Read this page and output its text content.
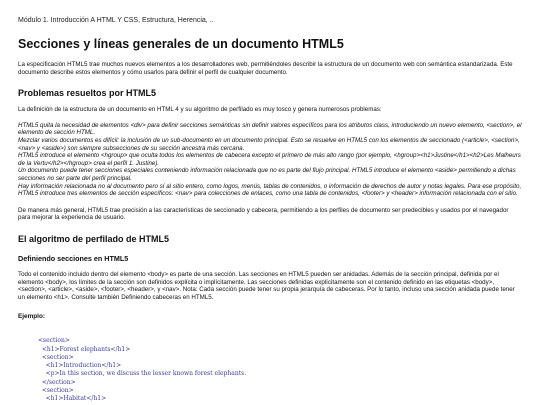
Módulo 1. Introducción A HTML Y CSS, Estructura, Herencia, ..
Secciones y líneas generales de un documento HTML5

La especificación HTML5 trae muchos nuevos elementos a los desarrolladores web, permitiéndoles describir la estructura de un documento web con semántica estandarizada. Este documento describe estos elementos y cómo usarlos para definir el perfil de cualquier documento.

Problemas resueltos por HTML5

La definición de la estructura de un documento en HTML 4 y su algoritmo de perfilado es muy tosco y genera numerosos problemas:

HTML5 quita la necesidad de elementos <div> para definir secciones semánticas sin definir valores específicos para los atributos class, introduciendo un nuevo elemento, <section>, el elemento de sección HTML.
Mezclar varios documentos es difícil: la inclusión de un sub-documento en un documento principal. Esto se resuelve en HTML5 con los elementos de seccionado (<article>, <section>, <nav> y <aside>) son siempre subsecciones de su sección ancestra más cercana.
HTML5 introduce el elemento <hgroup> que oculta todos los elementos de cabecera excepto el primero de más alto rango (por ejemplo, <hgroup><h1>Justine</h1><h2>Les Malheurs de la Vertu</h2></hgroup> crea el perfil 1. Justine).
Un documento puede tener secciones especiales conteniendo información relacionada que no es parte del flujo principal. HTML5 introduce el elemento <aside> permitiendo a dichas secciones no ser parte del perfil principal.
Hay información relacionada no al documento pero sí al sitio entero, como logos, menús, tablas de contenidos, o información de derechos de autor y notas legales. Para ese propósito, HTML5 introduce tres elementos de sección específicos: <nav> para colecciones de enlaces, como una tabla de contenidos, <footer> y <header> información relacionada con el sitio.

De manera más general, HTML5 trae precisión a las características de seccionado y cabecera, permitiendo a los perfiles de documento ser predecibles y usados por el navegador para mejorar la experiencia de usuario.

El algoritmo de perfilado de HTML5
Definiendo secciones en HTML5

Todo el contenido incluido dentro del elemento <body> es parte de una sección. Las secciones en HTML5 pueden ser anidadas. Además de la sección principal, definida por el elemento <body>, los límites de la sección son definidos explícita o implícitamente. Las secciones definidas explícitamente son el contenido definido en las etiquetas <body>, <section>, <article>, <aside>, <footer>, <header>, y <nav>. Nota: Cada sección puede tener su propia jerarquía de cabeceras. Por lo tanto, incluso una sección anidada puede tener un elemento <h1>. Consulte también Definiendo cabeceras en HTML5.

Ejemplo:
<section>
<h1>Forest elephants</h1>
<section>
<h1>Introduction</h1>
<p>In this section, we discuss the lesser known forest elephants.
</section>
<section>
<h1>Habitat</h1>
